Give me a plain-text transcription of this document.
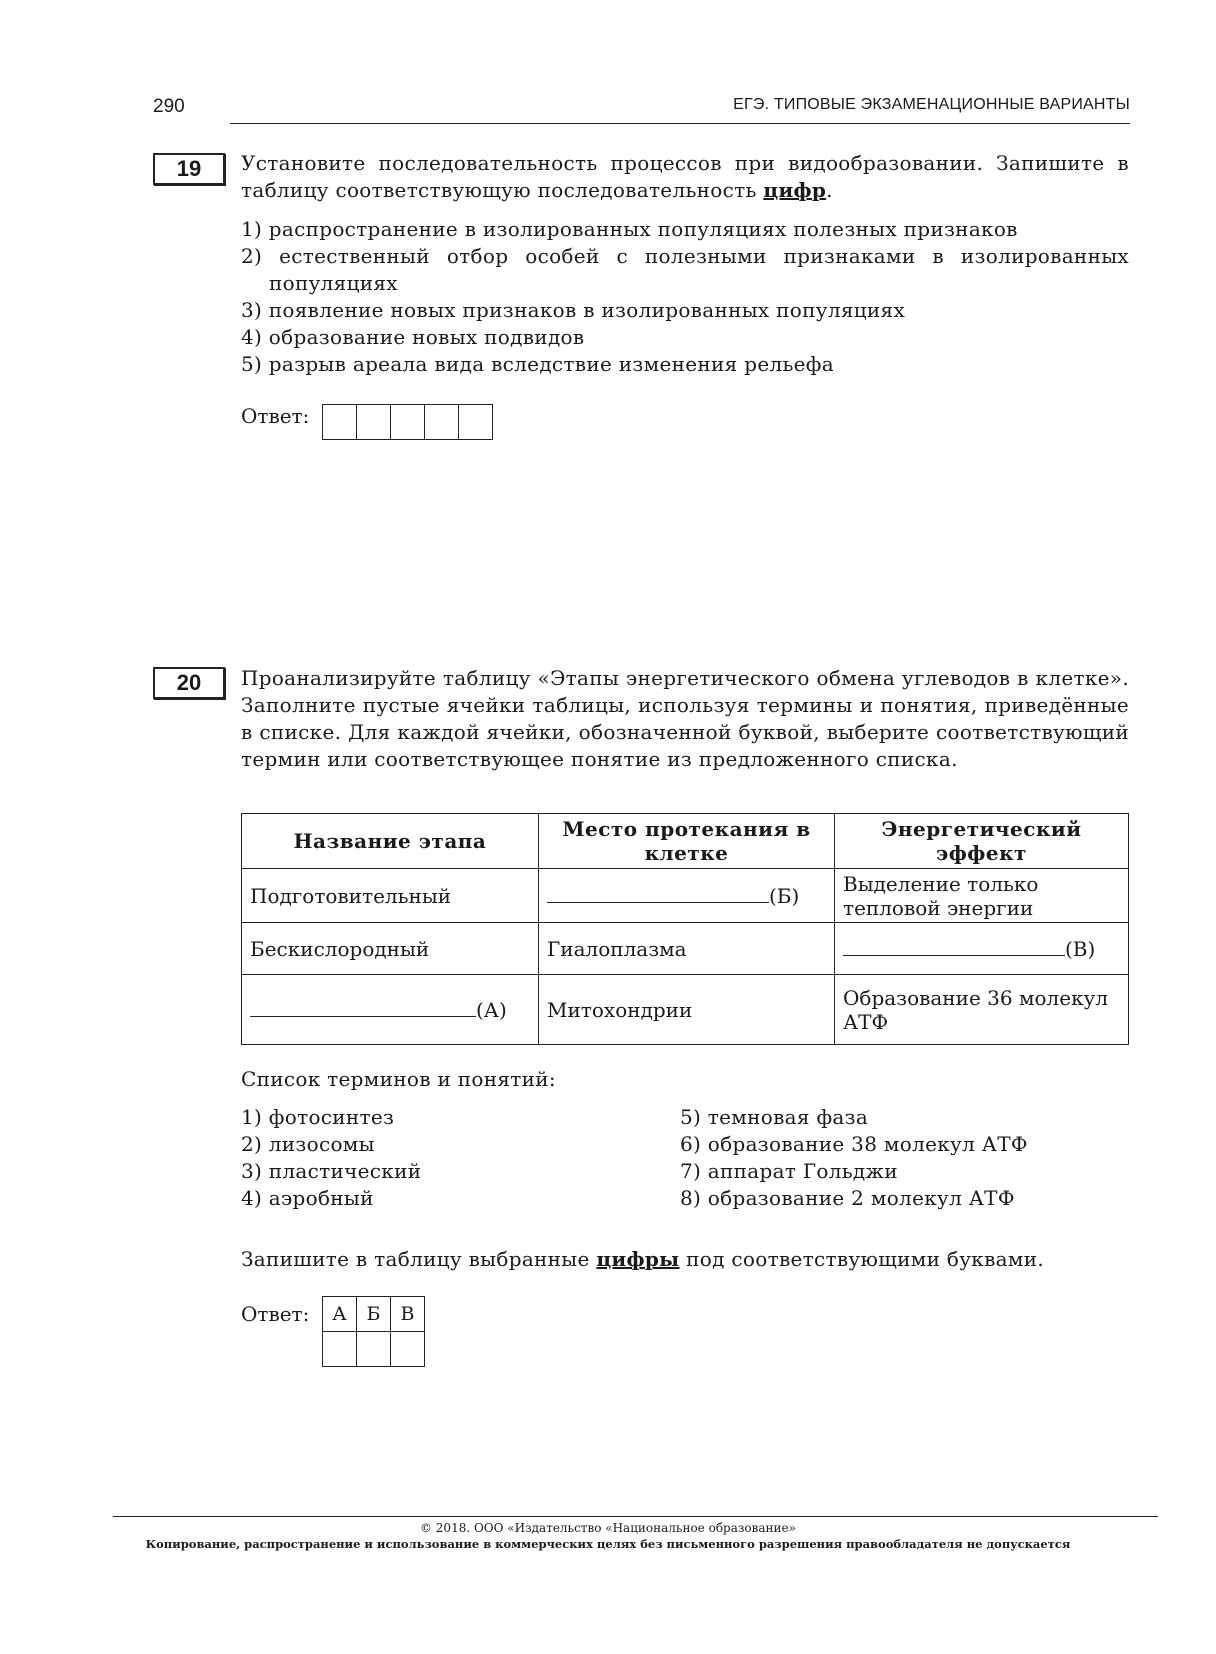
290	ЕГЭ. ТИПОВЫЕ ЭКЗАМЕНАЦИОННЫЕ ВАРИАНТЫ
19	Установите последовательность процессов при видообразовании. Запишите в таблицу соответствующую последовательность цифр.
1) распространение в изолированных популяциях полезных признаков
2) естественный отбор особей с полезными признаками в изолированных популяциях
3) появление новых признаков в изолированных популяциях
4) образование новых подвидов
5) разрыв ареала вида вследствие изменения рельефа
Ответ:
20	Проанализируйте таблицу «Этапы энергетического обмена углеводов в клетке». Заполните пустые ячейки таблицы, используя термины и понятия, приведённые в списке. Для каждой ячейки, обозначенной буквой, выберите соответствующий термин или соответствующее понятие из предложенного списка.
Название этапа	Место протекания в клетке	Энергетический эффект
Подготовительный	(Б)	Выделение только тепловой энергии
Бескислородный	Гиалоплазма	(В)
(А)	Митохондрии	Образование 36 молекул АТФ
Список терминов и понятий:
1) фотосинтез
2) лизосомы
3) пластический
4) аэробный
5) темновая фаза
6) образование 38 молекул АТФ
7) аппарат Гольджи
8) образование 2 молекул АТФ
Запишите в таблицу выбранные цифры под соответствующими буквами.
Ответ: А	Б	В

© 2018. ООО «Издательство «Национальное образование»
Копирование, распространение и использование в коммерческих целях без письменного разрешения правообладателя не допускается
